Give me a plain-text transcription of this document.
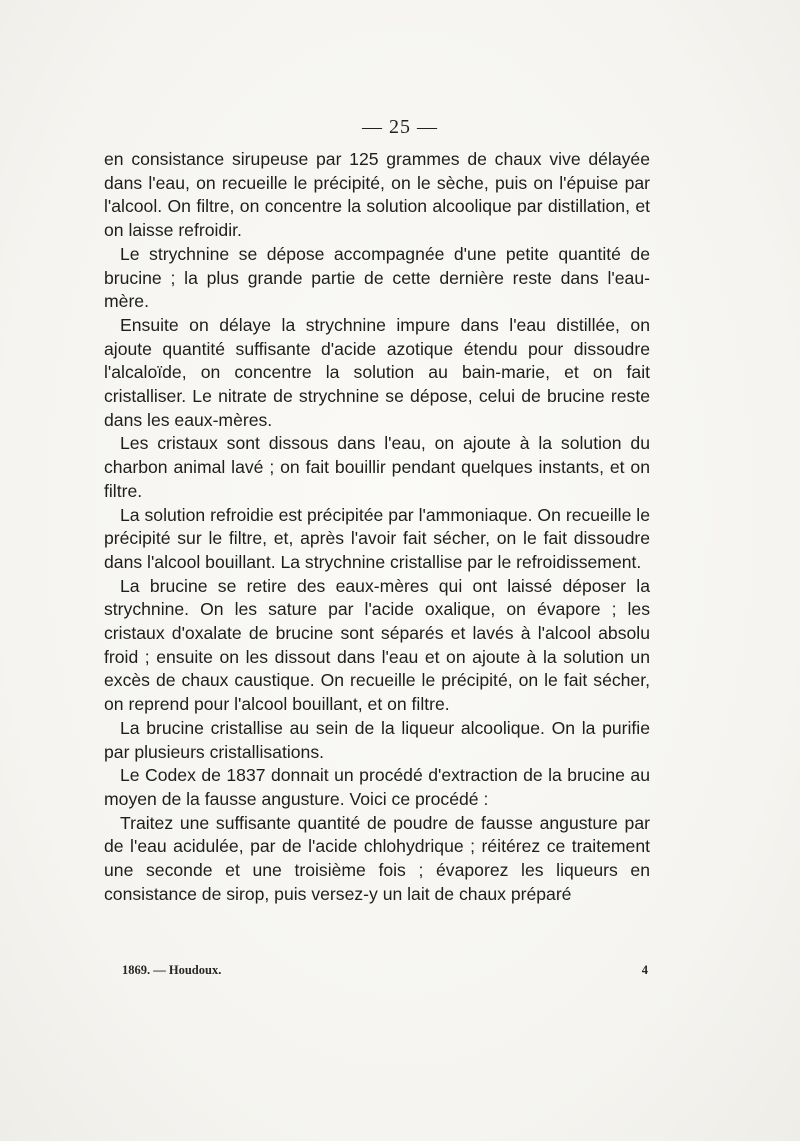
— 25 —

en consistance sirupeuse par 125 grammes de chaux vive délayée dans l'eau, on recueille le précipité, on le sèche, puis on l'épuise par l'alcool. On filtre, on concentre la solution alcoolique par distillation, et on laisse refroidir.

Le strychnine se dépose accompagnée d'une petite quantité de brucine ; la plus grande partie de cette dernière reste dans l'eau-mère.

Ensuite on délaye la strychnine impure dans l'eau distillée, on ajoute quantité suffisante d'acide azotique étendu pour dissoudre l'alcaloïde, on concentre la solution au bain-marie, et on fait cristalliser. Le nitrate de strychnine se dépose, celui de brucine reste dans les eaux-mères.

Les cristaux sont dissous dans l'eau, on ajoute à la solution du charbon animal lavé ; on fait bouillir pendant quelques instants, et on filtre.

La solution refroidie est précipitée par l'ammoniaque. On recueille le précipité sur le filtre, et, après l'avoir fait sécher, on le fait dissoudre dans l'alcool bouillant. La strychnine cristallise par le refroidissement.

La brucine se retire des eaux-mères qui ont laissé déposer la strychnine. On les sature par l'acide oxalique, on évapore ; les cristaux d'oxalate de brucine sont séparés et lavés à l'alcool absolu froid ; ensuite on les dissout dans l'eau et on ajoute à la solution un excès de chaux caustique. On recueille le précipité, on le fait sécher, on reprend pour l'alcool bouillant, et on filtre.

La brucine cristallise au sein de la liqueur alcoolique. On la purifie par plusieurs cristallisations.

Le Codex de 1837 donnait un procédé d'extraction de la brucine au moyen de la fausse angusture. Voici ce procédé :

Traitez une suffisante quantité de poudre de fausse angusture par de l'eau acidulée, par de l'acide chlohydrique ; réitérez ce traitement une seconde et une troisième fois ; évaporez les liqueurs en consistance de sirop, puis versez-y un lait de chaux préparé

1869. — Houdoux.	4
